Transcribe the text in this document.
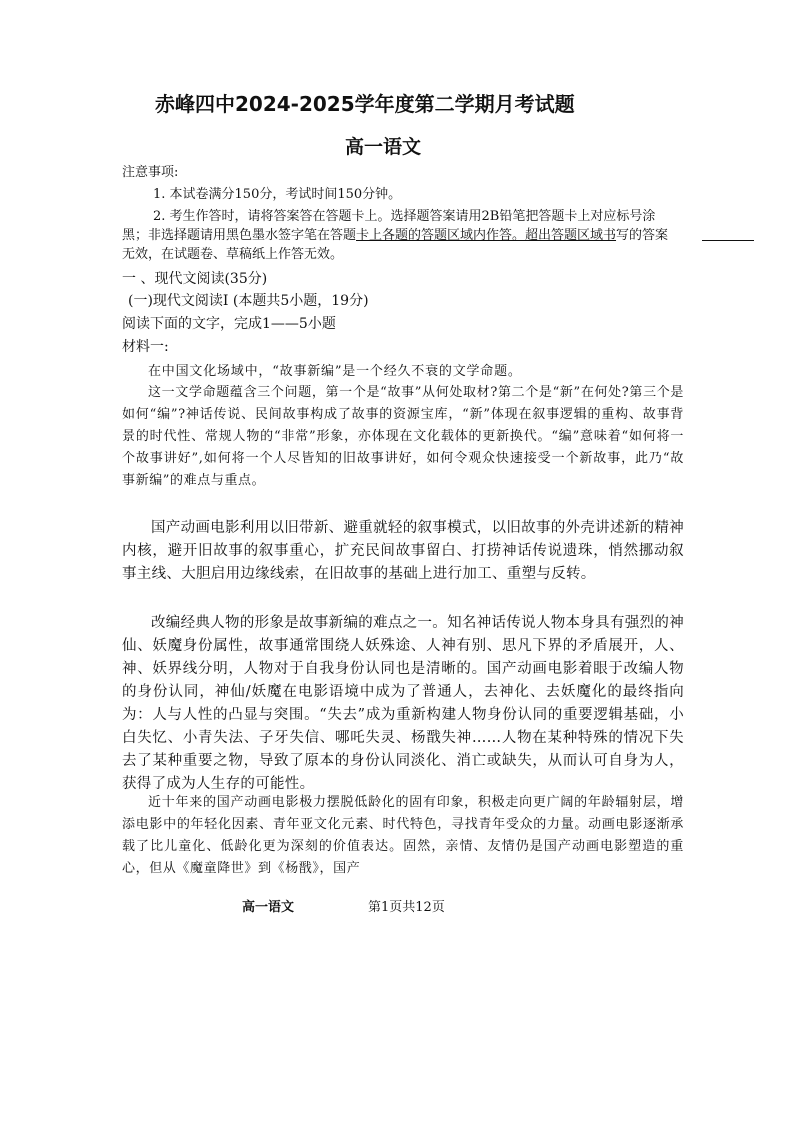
赤峰四中2024-2025学年度第二学期月考试题
高一语文
注意事项:
1. 本试卷满分150分，考试时间150分钟。
2. 考生作答时，请将答案答在答题卡上。选择题答案请用2B铅笔把答题卡上对应标号涂
黑；非选择题请用黑色墨水签字笔在答题卡上各题的答题区域内作答。超出答题区域书写的答案
无效，在试题卷、草稿纸上作答无效。
一 、现代文阅读(35分)
(一)现代文阅读Ⅰ (本题共5小题，19分)
阅读下面的文字，完成1——5小题
材料一:

在中国文化场域中，“故事新编”是一个经久不衰的文学命题。

这一文学命题蕴含三个问题，第一个是“故事”从何处取材?第二个是“新”在何处?第三个是如何“编”?神话传说、民间故事构成了故事的资源宝库，“新”体现在叙事逻辑的重构、故事背景的时代性、常规人物的“非常”形象，亦体现在文化载体的更新换代。“编”意味着“如何将一个故事讲好”,如何将一个人尽皆知的旧故事讲好，如何令观众快速接受一个新故事，此乃“故事新编”的难点与重点。

国产动画电影利用以旧带新、避重就轻的叙事模式，以旧故事的外壳讲述新的精神内核，避开旧故事的叙事重心，扩充民间故事留白、打捞神话传说遗珠，悄然挪动叙事主线、大胆启用边缘线索，在旧故事的基础上进行加工、重塑与反转。

改编经典人物的形象是故事新编的难点之一。知名神话传说人物本身具有强烈的神仙、妖魔身份属性，故事通常围绕人妖殊途、人神有别、思凡下界的矛盾展开，人、神、妖界线分明，人物对于自我身份认同也是清晰的。国产动画电影着眼于改编人物的身份认同，神仙/妖魔在电影语境中成为了普通人，去神化、去妖魔化的最终指向为：人与人性的凸显与突围。“失去”成为重新构建人物身份认同的重要逻辑基础，小白失忆、小青失法、子牙失信、哪吒失灵、杨戬失神……人物在某种特殊的情况下失去了某种重要之物，导致了原本的身份认同淡化、消亡或缺失，从而认可自身为人，获得了成为人生存的可能性。

近十年来的国产动画电影极力摆脱低龄化的固有印象，积极走向更广阔的年龄辐射层，增添电影中的年轻化因素、青年亚文化元素、时代特色，寻找青年受众的力量。动画电影逐渐承载了比儿童化、低龄化更为深刻的价值表达。固然，亲情、友情仍是国产动画电影塑造的重心，但从《魔童降世》到《杨戬》，国产

高一语文	第1页共12页
